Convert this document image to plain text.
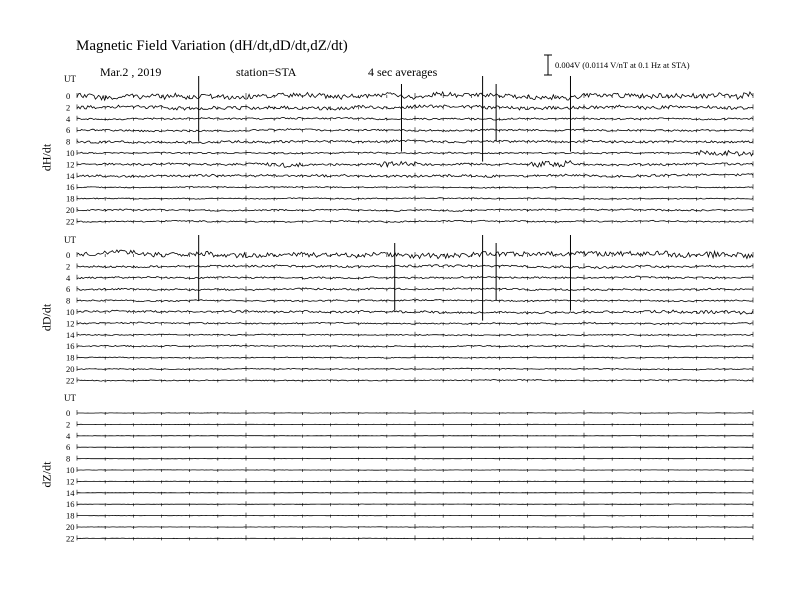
0
2
4
6
8
10
12
14
16
18
20
22
0
2
4
6
8
10
12
14
16
18
20
22
0
2
4
6
8
10
12
14
16
18
20
22
Magnetic Field Variation (dH/dt,dD/dt,dZ/dt)
Mar.2 , 2019	station=STA	4 sec averages	0.004V (0.0114 V/nT at 0.1 Hz at STA)
UT
UT
UT
dH/dt
dD/dt
dZ/dt
